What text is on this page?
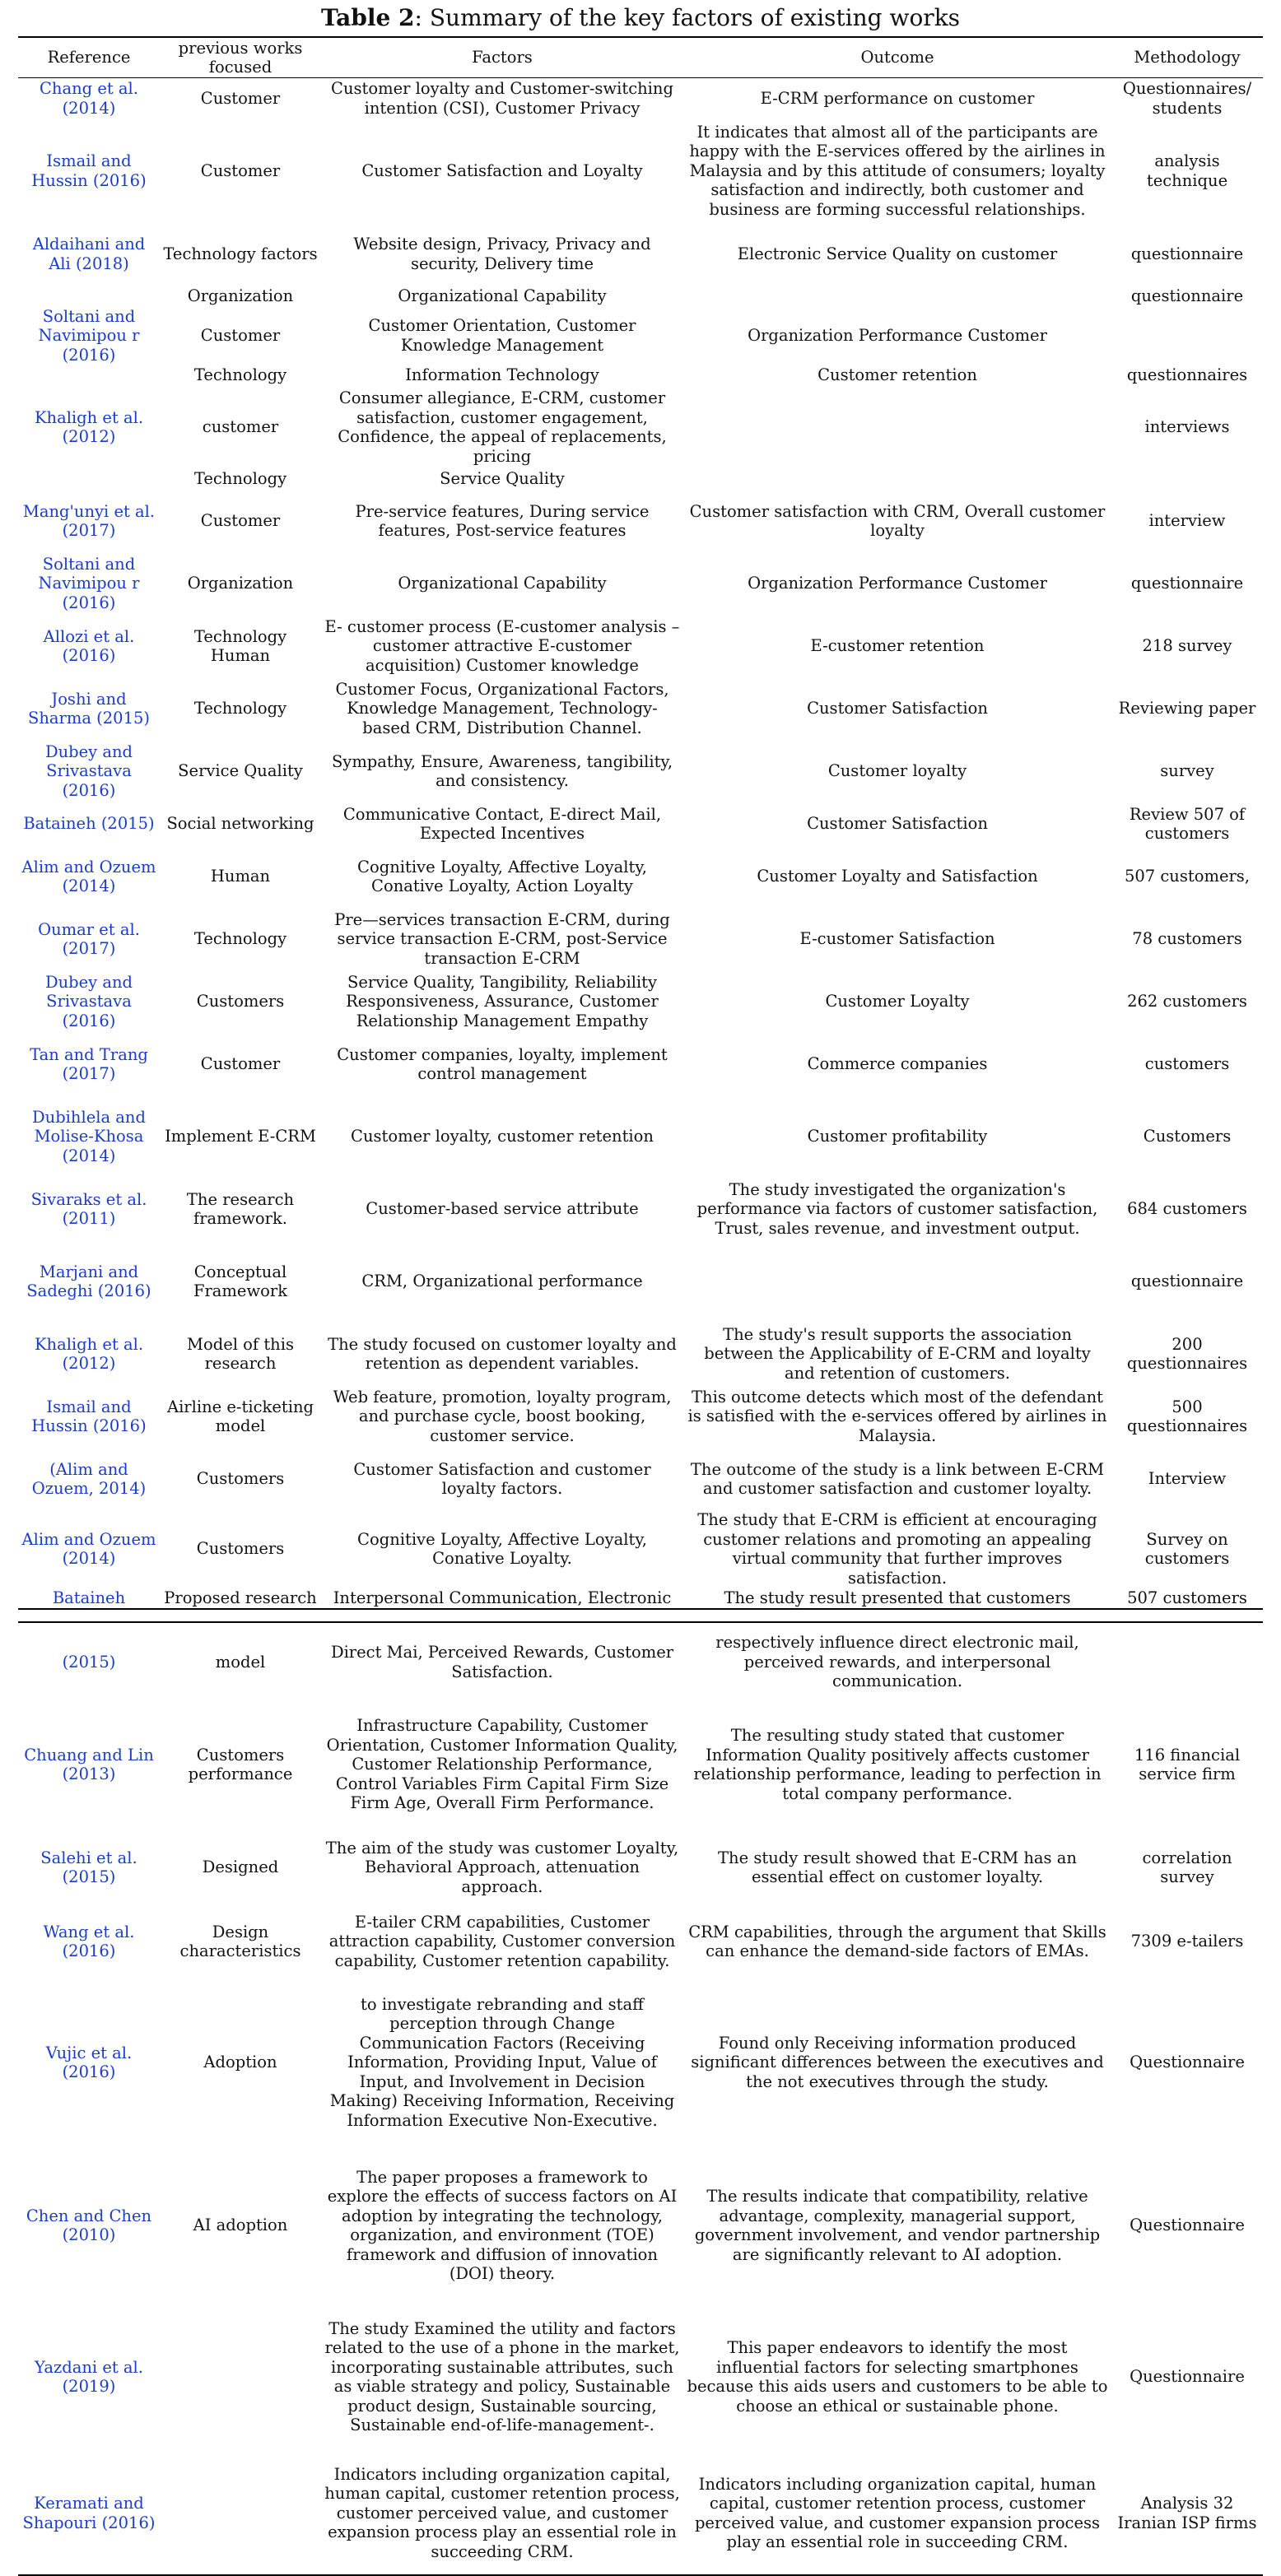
Table 2: Summary of the key factors of existing works
Reference	previous works focused	Factors	Outcome	Methodology
Chang et al. (2014)	Customer	Customer loyalty and Customer-switching intention (CSI), Customer Privacy	E-CRM performance on customer	Questionnaires/ students
Ismail and Hussin (2016)	Customer	Customer Satisfaction and Loyalty	It indicates that almost all of the participants are happy with the E-services offered by the airlines in Malaysia and by this attitude of consumers; loyalty satisfaction and indirectly, both customer and business are forming successful relationships.	analysis technique
Aldaihani and Ali (2018)	Technology factors	Website design, Privacy, Privacy and security, Delivery time	Electronic Service Quality on customer	questionnaire
	Organization	Organizational Capability		questionnaire
Soltani and Navimipou r (2016)	Customer	Customer Orientation, Customer Knowledge Management	Organization Performance Customer	
	Technology	Information Technology	Customer retention	questionnaires
Khaligh et al. (2012)	customer	Consumer allegiance, E-CRM, customer satisfaction, customer engagement, Confidence, the appeal of replacements, pricing		interviews
	Technology	Service Quality		
Mang'unyi et al. (2017)	Customer	Pre-service features, During service features, Post-service features	Customer satisfaction with CRM, Overall customer loyalty	interview
Soltani and Navimipou r (2016)	Organization	Organizational Capability	Organization Performance Customer	questionnaire
Allozi et al. (2016)	Technology Human	E- customer process (E-customer analysis – customer attractive E-customer acquisition) Customer knowledge	E-customer retention	218 survey
Joshi and Sharma (2015)	Technology	Customer Focus, Organizational Factors, Knowledge Management, Technology-based CRM, Distribution Channel.	Customer Satisfaction	Reviewing paper
Dubey and Srivastava (2016)	Service Quality	Sympathy, Ensure, Awareness, tangibility, and consistency.	Customer loyalty	survey
Bataineh (2015)	Social networking	Communicative Contact, E-direct Mail, Expected Incentives	Customer Satisfaction	Review 507 of customers
Alim and Ozuem (2014)	Human	Cognitive Loyalty, Affective Loyalty, Conative Loyalty, Action Loyalty	Customer Loyalty and Satisfaction	507 customers,
Oumar et al. (2017)	Technology	Pre—services transaction E-CRM, during service transaction E-CRM, post-Service transaction E-CRM	E-customer Satisfaction	78 customers
Dubey and Srivastava (2016)	Customers	Service Quality, Tangibility, Reliability Responsiveness, Assurance, Customer Relationship Management Empathy	Customer Loyalty	262 customers
Tan and Trang (2017)	Customer	Customer companies, loyalty, implement control management	Commerce companies	customers
Dubihlela and Molise-Khosa (2014)	Implement E-CRM	Customer loyalty, customer retention	Customer profitability	Customers
Sivaraks et al. (2011)	The research framework.	Customer-based service attribute	The study investigated the organization's performance via factors of customer satisfaction, Trust, sales revenue, and investment output.	684 customers
Marjani and Sadeghi (2016)	Conceptual Framework	CRM, Organizational performance		questionnaire
Khaligh et al. (2012)	Model of this research	The study focused on customer loyalty and retention as dependent variables.	The study's result supports the association between the Applicability of E-CRM and loyalty and retention of customers.	200 questionnaires
Ismail and Hussin (2016)	Airline e-ticketing model	Web feature, promotion, loyalty program, and purchase cycle, boost booking, customer service.	This outcome detects which most of the defendant is satisfied with the e-services offered by airlines in Malaysia.	500 questionnaires
(Alim and Ozuem, 2014)	Customers	Customer Satisfaction and customer loyalty factors.	The outcome of the study is a link between E-CRM and customer satisfaction and customer loyalty.	Interview
Alim and Ozuem (2014)	Customers	Cognitive Loyalty, Affective Loyalty, Conative Loyalty.	The study that E-CRM is efficient at encouraging customer relations and promoting an appealing virtual community that further improves satisfaction.	Survey on customers
Bataineh	Proposed research	Interpersonal Communication, Electronic	The study result presented that customers	507 customers
(2015)	model	Direct Mai, Perceived Rewards, Customer Satisfaction.	respectively influence direct electronic mail, perceived rewards, and interpersonal communication.	
Chuang and Lin (2013)	Customers performance	Infrastructure Capability, Customer Orientation, Customer Information Quality, Customer Relationship Performance, Control Variables Firm Capital Firm Size Firm Age, Overall Firm Performance.	The resulting study stated that customer Information Quality positively affects customer relationship performance, leading to perfection in total company performance.	116 financial service firm
Salehi et al. (2015)	Designed	The aim of the study was customer Loyalty, Behavioral Approach, attenuation approach.	The study result showed that E-CRM has an essential effect on customer loyalty.	correlation survey
Wang et al. (2016)	Design characteristics	E-tailer CRM capabilities, Customer attraction capability, Customer conversion capability, Customer retention capability.	CRM capabilities, through the argument that Skills can enhance the demand-side factors of EMAs.	7309 e-tailers
Vujic et al. (2016)	Adoption	to investigate rebranding and staff perception through Change Communication Factors (Receiving Information, Providing Input, Value of Input, and Involvement in Decision Making) Receiving Information, Receiving Information Executive Non-Executive.	Found only Receiving information produced significant differences between the executives and the not executives through the study.	Questionnaire
Chen and Chen (2010)	AI adoption	The paper proposes a framework to explore the effects of success factors on AI adoption by integrating the technology, organization, and environment (TOE) framework and diffusion of innovation (DOI) theory.	The results indicate that compatibility, relative advantage, complexity, managerial support, government involvement, and vendor partnership are significantly relevant to AI adoption.	Questionnaire
Yazdani et al. (2019)		The study Examined the utility and factors related to the use of a phone in the market, incorporating sustainable attributes, such as viable strategy and policy, Sustainable product design, Sustainable sourcing, Sustainable end-of-life-management-.	This paper endeavors to identify the most influential factors for selecting smartphones because this aids users and customers to be able to choose an ethical or sustainable phone.	Questionnaire
Keramati and Shapouri (2016)		Indicators including organization capital, human capital, customer retention process, customer perceived value, and customer expansion process play an essential role in succeeding CRM.	Indicators including organization capital, human capital, customer retention process, customer perceived value, and customer expansion process play an essential role in succeeding CRM.	Analysis 32 Iranian ISP firms
